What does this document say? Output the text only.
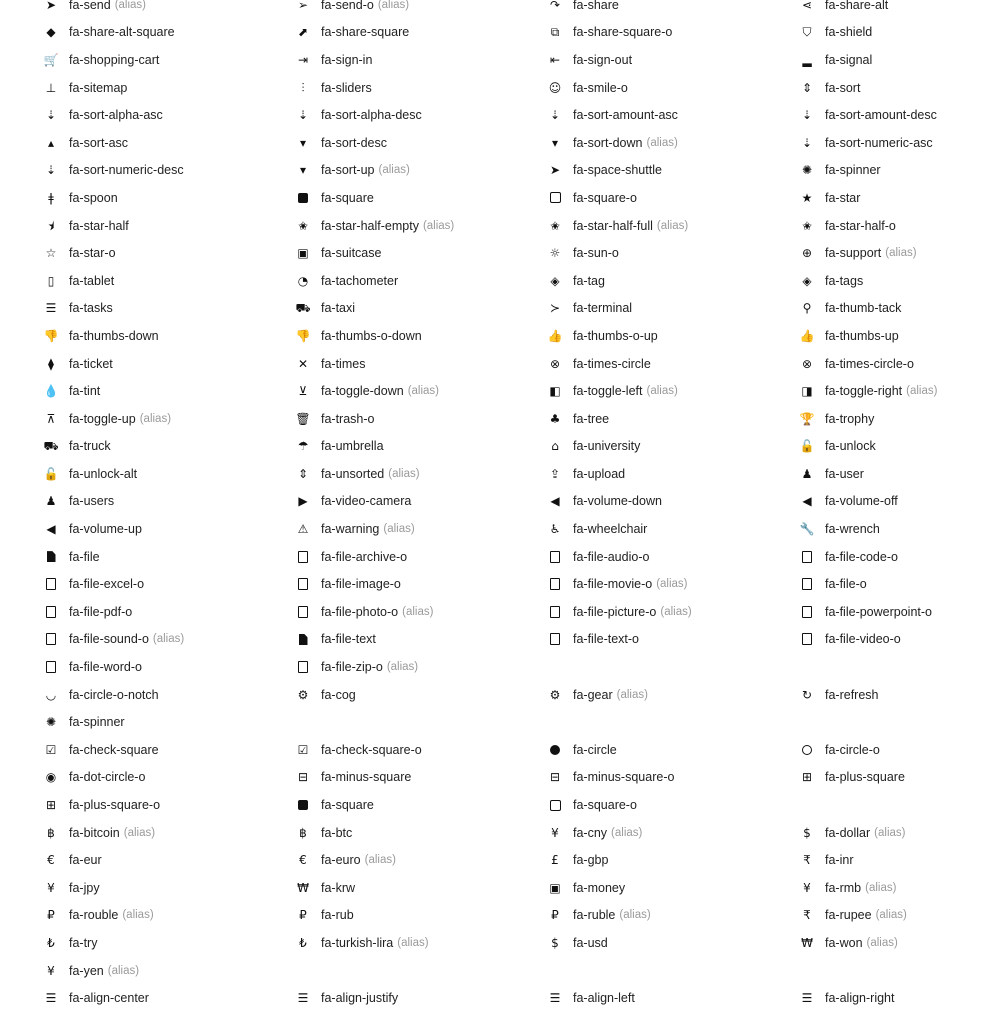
➤ fa-send (alias)	➢ fa-send-o (alias)	↷ fa-share	⋖ fa-share-alt
◆ fa-share-alt-square	⬈ fa-share-square	⧉ fa-share-square-o	⛉ fa-shield
🛒 fa-shopping-cart	⇥ fa-sign-in	⇤ fa-sign-out	▂ fa-signal
⊥ fa-sitemap	⫶	fa-sliders	☺ fa-smile-o	⇕ fa-sort
⇣ fa-sort-alpha-asc	⇣ fa-sort-alpha-desc	⇣ fa-sort-amount-asc	⇣ fa-sort-amount-desc
▴	fa-sort-asc	▾	fa-sort-desc	▾	fa-sort-down (alias)	⇣ fa-sort-numeric-asc
⇣ fa-sort-numeric-desc	▾	fa-sort-up (alias)	➤ fa-space-shuttle	✺ fa-spinner
ǂ	fa-spoon	fa-square	fa-square-o	★ fa-star
⯨	fa-star-half	✬ fa-star-half-empty (alias)	✬ fa-star-half-full (alias)	✬ fa-star-half-o
☆ fa-star-o	▣ fa-suitcase	☼ fa-sun-o	⊕ fa-support (alias)
▯ fa-tablet	◔ fa-tachometer	◈ fa-tag	◈ fa-tags
☰ fa-tasks	⛟ fa-taxi	≻ fa-terminal	⚲ fa-thumb-tack
👎 fa-thumbs-down	👎 fa-thumbs-o-down	👍 fa-thumbs-o-up	👍 fa-thumbs-up
⧫	fa-ticket	✕ fa-times	⊗ fa-times-circle	⊗ fa-times-circle-o
💧 fa-tint	⊻ fa-toggle-down (alias)	◧ fa-toggle-left (alias)	◨ fa-toggle-right (alias)
⊼ fa-toggle-up (alias)	🗑 fa-trash-o	♣ fa-tree	🏆 fa-trophy
⛟ fa-truck	☂ fa-umbrella	⌂ fa-university	🔓 fa-unlock
🔓 fa-unlock-alt	⇕ fa-unsorted (alias)	⇪ fa-upload	♟ fa-user
♟ fa-users	▶ fa-video-camera	◀ fa-volume-down	◀ fa-volume-off
◀ fa-volume-up	⚠ fa-warning (alias)	♿ fa-wheelchair	🔧 fa-wrench
fa-file	fa-file-archive-o	fa-file-audio-o	fa-file-code-o
fa-file-excel-o	fa-file-image-o	fa-file-movie-o (alias)	fa-file-o
fa-file-pdf-o	fa-file-photo-o (alias)	fa-file-picture-o (alias)	fa-file-powerpoint-o
fa-file-sound-o (alias)	fa-file-text	fa-file-text-o	fa-file-video-o
fa-file-word-o	fa-file-zip-o (alias)
◡ fa-circle-o-notch	⚙ fa-cog	⚙ fa-gear (alias)	↻ fa-refresh
✺ fa-spinner
☑ fa-check-square	☑ fa-check-square-o	fa-circle	fa-circle-o
◉ fa-dot-circle-o	⊟ fa-minus-square	⊟ fa-minus-square-o	⊞ fa-plus-square
⊞ fa-plus-square-o	fa-square	fa-square-o
฿ fa-bitcoin (alias)	฿ fa-btc	¥ fa-cny (alias)	$ fa-dollar (alias)
€ fa-eur	€ fa-euro (alias)	£ fa-gbp	₹ fa-inr
¥ fa-jpy	₩ fa-krw	▣ fa-money	¥ fa-rmb (alias)
₽ fa-rouble (alias)	₽ fa-rub	₽ fa-ruble (alias)	₹ fa-rupee (alias)
₺ fa-try	₺ fa-turkish-lira (alias)	$ fa-usd	₩ fa-won (alias)
¥ fa-yen (alias)
☰ fa-align-center	☰ fa-align-justify	☰ fa-align-left	☰ fa-align-right
